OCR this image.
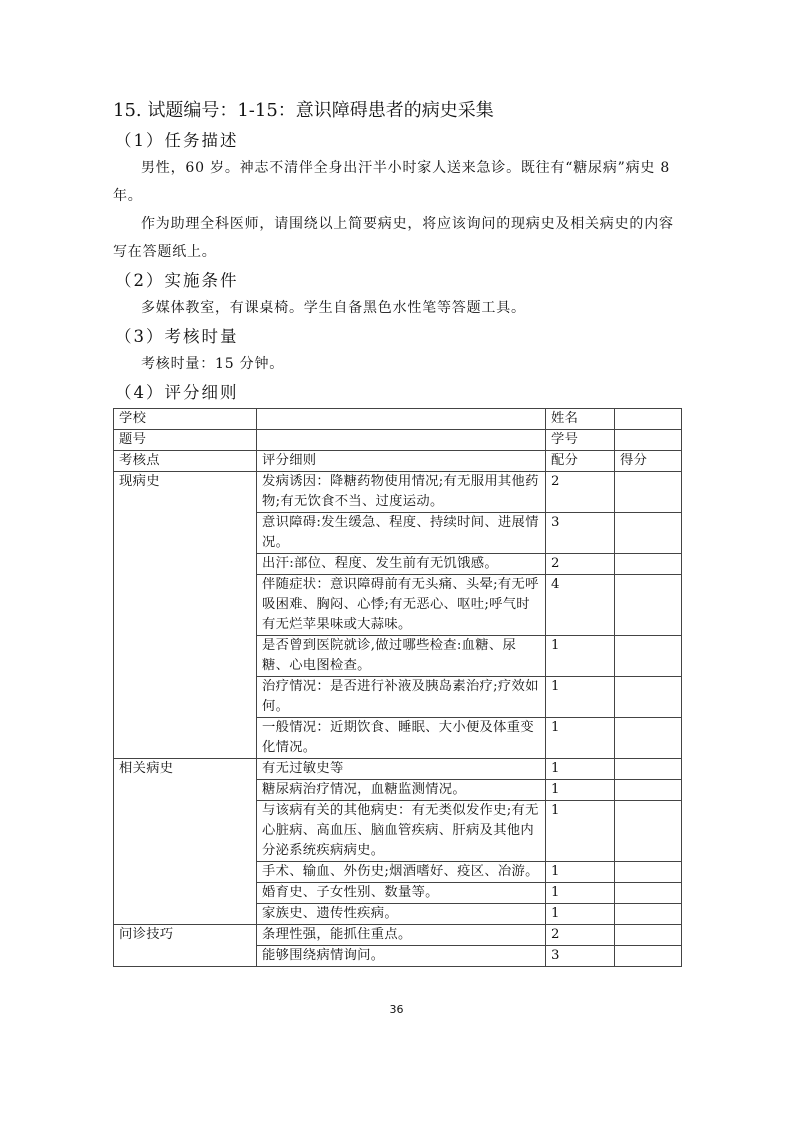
15. 试题编号：1-15：意识障碍患者的病史采集
（1）任务描述

男性，60 岁。神志不清伴全身出汗半小时家人送来急诊。既往有“糖尿病”病史 8 年。

作为助理全科医师，请围绕以上简要病史，将应该询问的现病史及相关病史的内容写在答题纸上。

（2）实施条件

多媒体教室，有课桌椅。学生自备黑色水性笔等答题工具。

（3）考核时量

考核时量：15 分钟。

（4）评分细则
学校		姓名	
题号		学号	
考核点	评分细则	配分	得分
现病史	发病诱因：降糖药物使用情况;有无服用其他药物;有无饮食不当、过度运动。	2	
	意识障碍:发生缓急、程度、持续时间、进展情况。	3	
	出汗:部位、程度、发生前有无饥饿感。	2	
	伴随症状：意识障碍前有无头痛、头晕;有无呼吸困难、胸闷、心悸;有无恶心、呕吐;呼气时有无烂苹果味或大蒜味。	4	
	是否曾到医院就诊,做过哪些检查:血糖、尿糖、心电图检查。	1	
	治疗情况：是否进行补液及胰岛素治疗;疗效如何。	1	
	一般情况：近期饮食、睡眠、大小便及体重变化情况。	1	
相关病史	有无过敏史等	1	
	糖尿病治疗情况，血糖监测情况。	1	
	与该病有关的其他病史：有无类似发作史;有无心脏病、高血压、脑血管疾病、肝病及其他内分泌系统疾病病史。	1	
	手术、输血、外伤史;烟酒嗜好、疫区、冶游。	1	
	婚育史、子女性别、数量等。	1	
	家族史、遗传性疾病。	1	
问诊技巧	条理性强，能抓住重点。	2	
	能够围绕病情询问。	3	
36
